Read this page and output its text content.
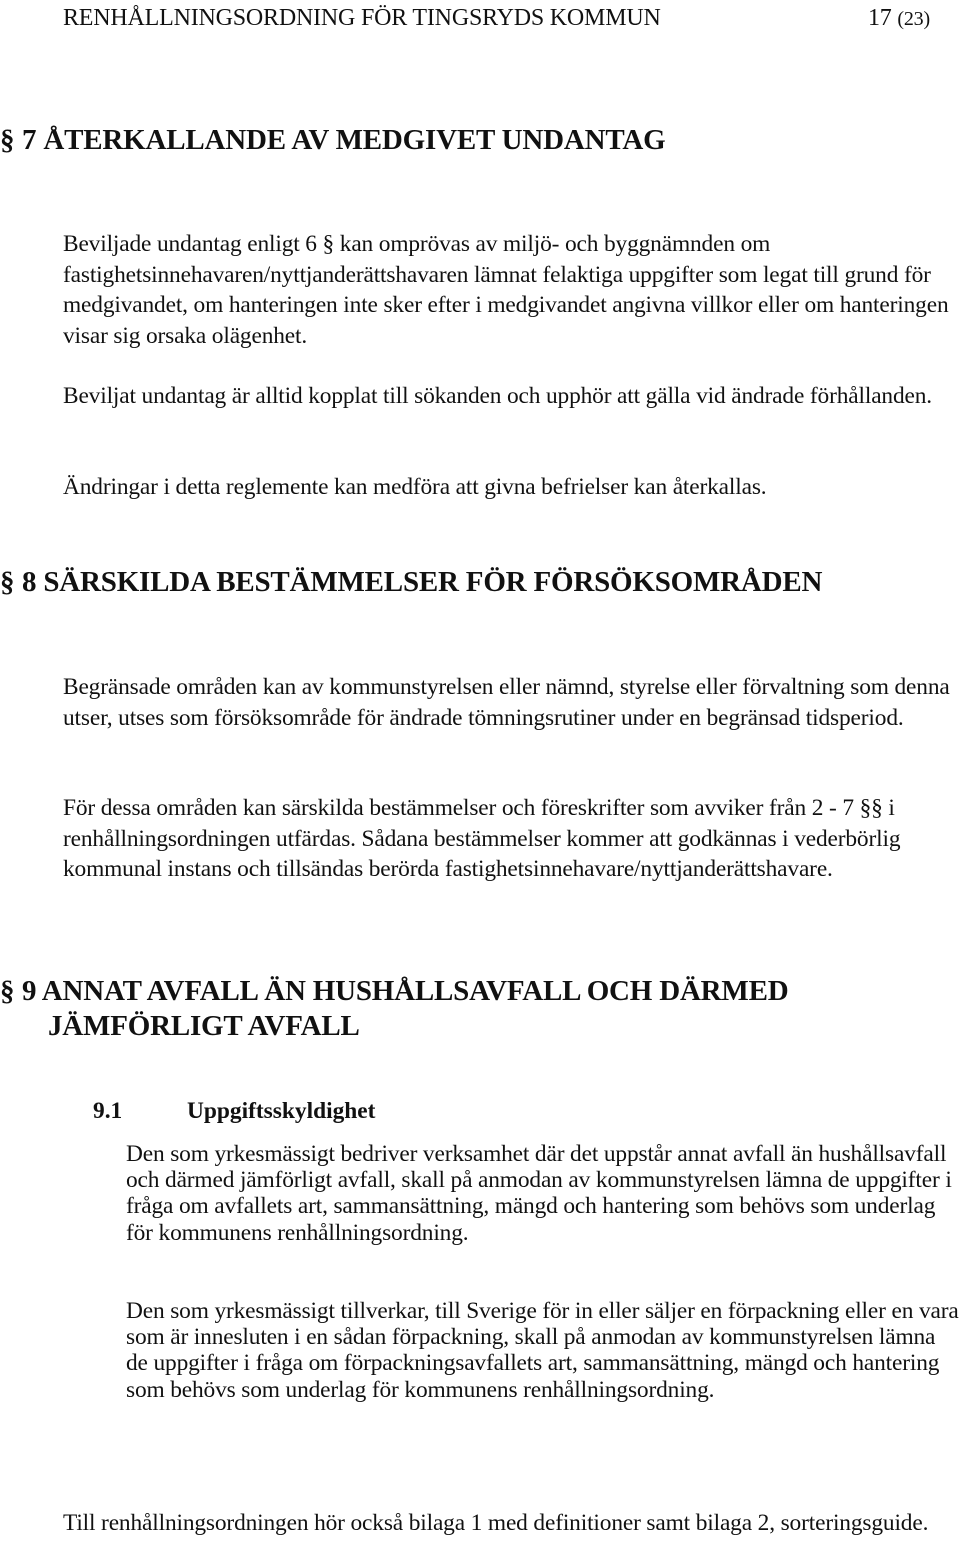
RENHÅLLNINGSORDNING FÖR TINGSRYDS KOMMUN	17 (23)
§ 7 ÅTERKALLANDE AV MEDGIVET UNDANTAG

Beviljade undantag enligt 6 § kan omprövas av miljö- och byggnämnden om fastighetsinnehavaren/nyttjanderättshavaren lämnat felaktiga uppgifter som legat till grund för medgivandet, om hanteringen inte sker efter i medgivandet angivna villkor eller om hanteringen visar sig orsaka olägenhet.

Beviljat undantag är alltid kopplat till sökanden och upphör att gälla vid ändrade förhållanden.

Ändringar i detta reglemente kan medföra att givna befrielser kan återkallas.

§ 8 SÄRSKILDA BESTÄMMELSER FÖR FÖRSÖKSOMRÅDEN

Begränsade områden kan av kommunstyrelsen eller nämnd, styrelse eller förvaltning som denna utser, utses som försöksområde för ändrade tömningsrutiner under en begränsad tidsperiod.

För dessa områden kan särskilda bestämmelser och föreskrifter som avviker från 2 - 7 §§ i renhållningsordningen utfärdas. Sådana bestämmelser kommer att godkännas i vederbörlig kommunal instans och tillsändas berörda fastighetsinnehavare/nyttjanderättshavare.

§ 9 ANNAT AVFALL ÄN HUSHÅLLSAVFALL OCH DÄRMED
JÄMFÖRLIGT AVFALL
9.1	Uppgiftsskyldighet

Den som yrkesmässigt bedriver verksamhet där det uppstår annat avfall än hushållsavfall och därmed jämförligt avfall, skall på anmodan av kommunstyrelsen lämna de uppgifter i fråga om avfallets art, sammansättning, mängd och hantering som behövs som underlag för kommunens renhållningsordning.

Den som yrkesmässigt tillverkar, till Sverige för in eller säljer en förpackning eller en vara som är innesluten i en sådan förpackning, skall på anmodan av kommunstyrelsen lämna de uppgifter i fråga om förpackningsavfallets art, sammansättning, mängd och hantering som behövs som underlag för kommunens renhållningsordning.

Till renhållningsordningen hör också bilaga 1 med definitioner samt bilaga 2, sorteringsguide.
